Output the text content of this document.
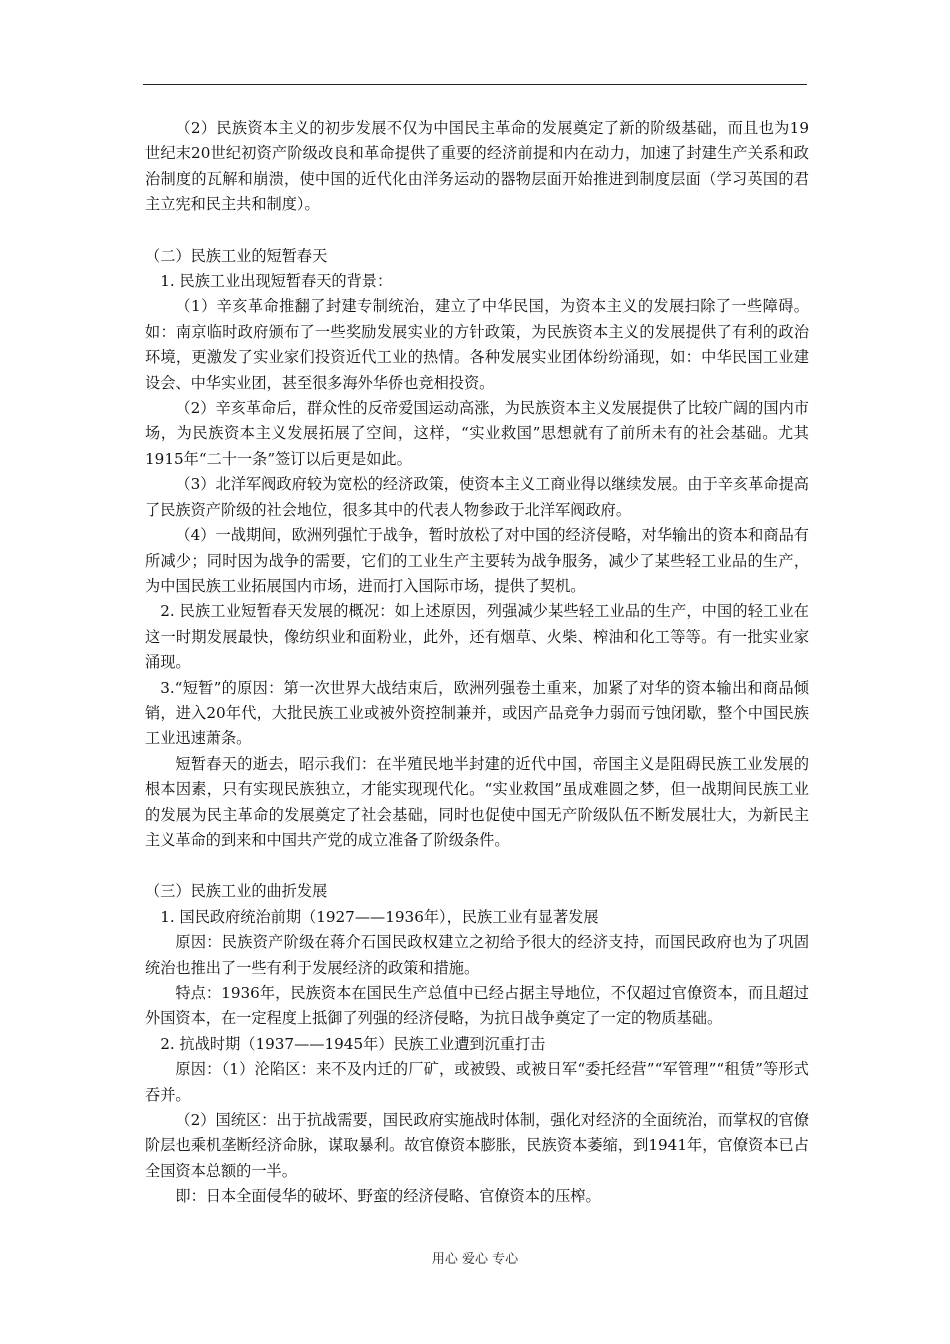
（2）民族资本主义的初步发展不仅为中国民主革命的发展奠定了新的阶级基础，而且也为19世纪末20世纪初资产阶级改良和革命提供了重要的经济前提和内在动力，加速了封建生产关系和政治制度的瓦解和崩溃，使中国的近代化由洋务运动的器物层面开始推进到制度层面（学习英国的君主立宪和民主共和制度）。

（二）民族工业的短暂春天

1. 民族工业出现短暂春天的背景：

（1）辛亥革命推翻了封建专制统治，建立了中华民国，为资本主义的发展扫除了一些障碍。如：南京临时政府颁布了一些奖励发展实业的方针政策，为民族资本主义的发展提供了有利的政治环境，更激发了实业家们投资近代工业的热情。各种发展实业团体纷纷涌现，如：中华民国工业建设会、中华实业团，甚至很多海外华侨也竞相投资。

（2）辛亥革命后，群众性的反帝爱国运动高涨，为民族资本主义发展提供了比较广阔的国内市场，为民族资本主义发展拓展了空间，这样，“实业救国”思想就有了前所未有的社会基础。尤其1915年“二十一条”签订以后更是如此。

（3）北洋军阀政府较为宽松的经济政策，使资本主义工商业得以继续发展。由于辛亥革命提高了民族资产阶级的社会地位，很多其中的代表人物参政于北洋军阀政府。

（4）一战期间，欧洲列强忙于战争，暂时放松了对中国的经济侵略，对华输出的资本和商品有所减少；同时因为战争的需要，它们的工业生产主要转为战争服务，减少了某些轻工业品的生产，为中国民族工业拓展国内市场，进而打入国际市场，提供了契机。

2. 民族工业短暂春天发展的概况：如上述原因，列强减少某些轻工业品的生产，中国的轻工业在这一时期发展最快，像纺织业和面粉业，此外，还有烟草、火柴、榨油和化工等等。有一批实业家涌现。

3.“短暂”的原因：第一次世界大战结束后，欧洲列强卷土重来，加紧了对华的资本输出和商品倾销，进入20年代，大批民族工业或被外资控制兼并，或因产品竞争力弱而亏蚀闭歇，整个中国民族工业迅速萧条。

短暂春天的逝去，昭示我们：在半殖民地半封建的近代中国，帝国主义是阻碍民族工业发展的根本因素，只有实现民族独立，才能实现现代化。“实业救国”虽成难圆之梦，但一战期间民族工业的发展为民主革命的发展奠定了社会基础，同时也促使中国无产阶级队伍不断发展壮大，为新民主主义革命的到来和中国共产党的成立准备了阶级条件。

（三）民族工业的曲折发展

1. 国民政府统治前期（1927——1936年），民族工业有显著发展

原因：民族资产阶级在蒋介石国民政权建立之初给予很大的经济支持，而国民政府也为了巩固统治也推出了一些有利于发展经济的政策和措施。

特点：1936年，民族资本在国民生产总值中已经占据主导地位，不仅超过官僚资本，而且超过外国资本，在一定程度上抵御了列强的经济侵略，为抗日战争奠定了一定的物质基础。

2. 抗战时期（1937——1945年）民族工业遭到沉重打击

原因：（1）沦陷区：来不及内迁的厂矿，或被毁、或被日军“委托经营”“军管理”“租赁”等形式吞并。

（2）国统区：出于抗战需要，国民政府实施战时体制，强化对经济的全面统治，而掌权的官僚阶层也乘机垄断经济命脉，谋取暴利。故官僚资本膨胀，民族资本萎缩，到1941年，官僚资本已占全国资本总额的一半。

即：日本全面侵华的破坏、野蛮的经济侵略、官僚资本的压榨。

用心 爱心 专心
